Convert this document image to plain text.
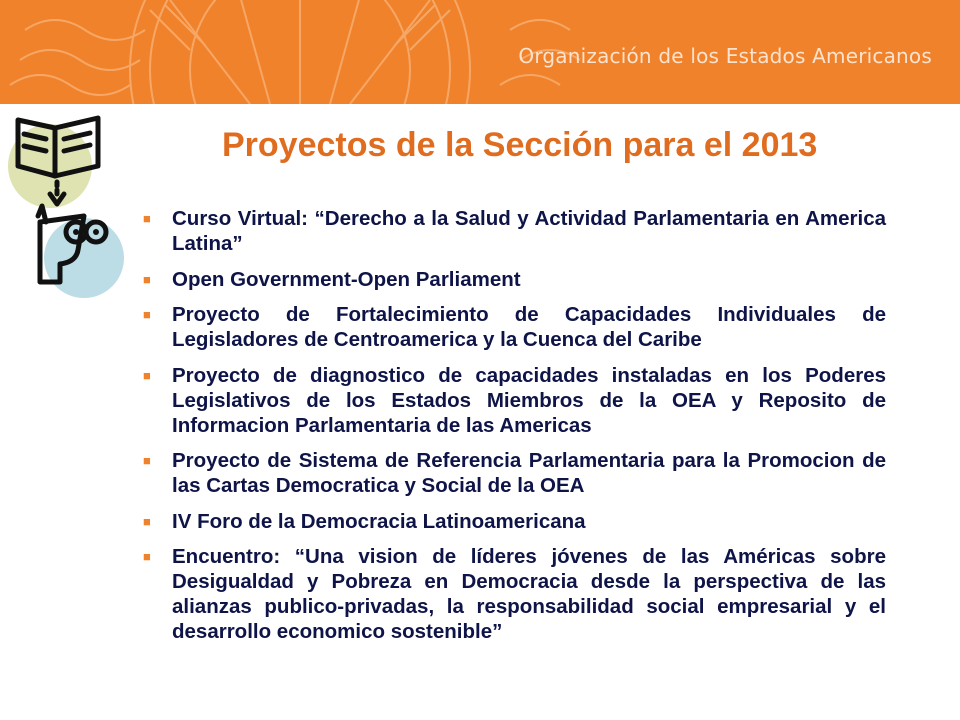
Organización de los Estados Americanos
Proyectos de la Sección para el 2013
■ Curso Virtual: “Derecho a la Salud y Actividad Parlamentaria en America Latina”
■ Open Government-Open Parliament
■ Proyecto de Fortalecimiento de Capacidades Individuales de Legisladores de Centroamerica y la Cuenca del Caribe
■ Proyecto de diagnostico de capacidades instaladas en los Poderes Legislativos de los Estados Miembros de la OEA y Reposito de Informacion Parlamentaria de las Americas
■ Proyecto de Sistema de Referencia Parlamentaria para la Promocion de las Cartas Democratica y Social de la OEA
■ IV Foro de la Democracia Latinoamericana
■ Encuentro: “Una vision de líderes jóvenes de las Américas sobre Desigualdad y Pobreza en Democracia desde la perspectiva de las alianzas publico-privadas, la responsabilidad social empresarial y el desarrollo economico sostenible”
